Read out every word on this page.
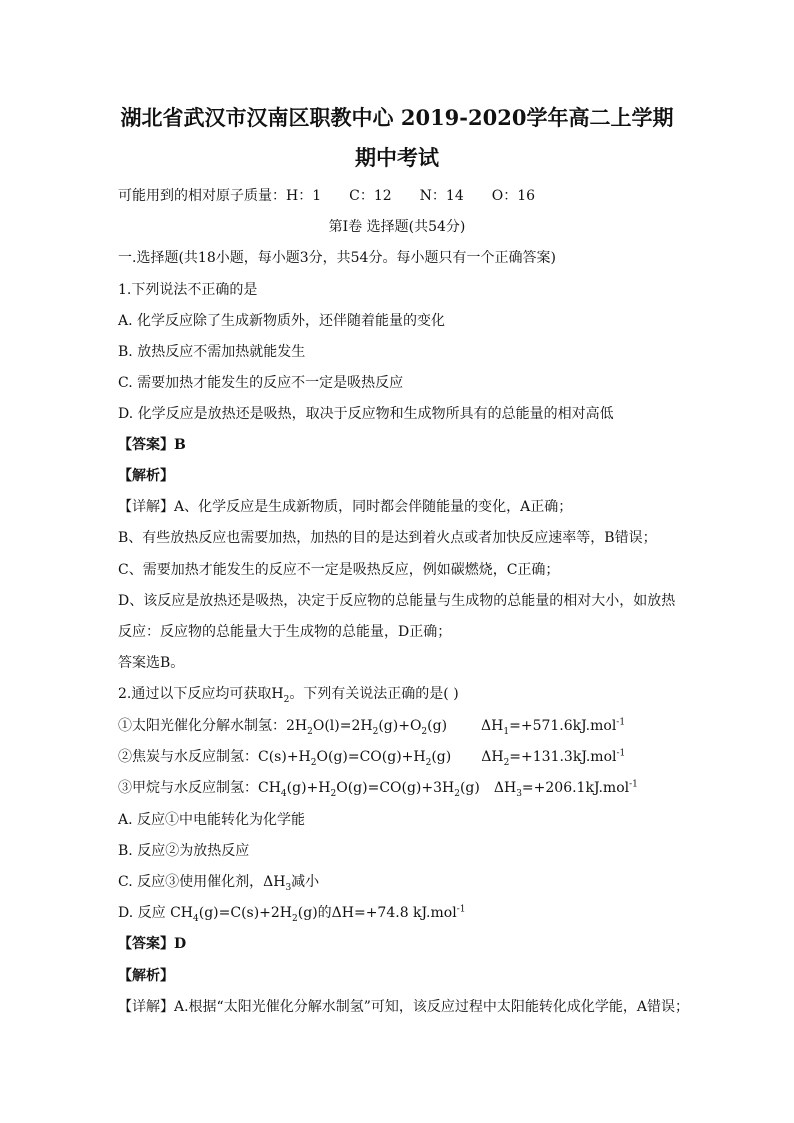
湖北省武汉市汉南区职教中心 2019-2020学年高二上学期
期中考试
可能用到的相对原子质量：H：1 C：12 N：14 O：16
第Ⅰ卷 选择题(共54分)
一.选择题(共18小题，每小题3分，共54分。每小题只有一个正确答案)
1.下列说法不正确的是
A. 化学反应除了生成新物质外，还伴随着能量的变化
B. 放热反应不需加热就能发生
C. 需要加热才能发生的反应不一定是吸热反应
D. 化学反应是放热还是吸热，取决于反应物和生成物所具有的总能量的相对高低
【答案】B
【解析】
【详解】A、化学反应是生成新物质，同时都会伴随能量的变化，A正确；
B、有些放热反应也需要加热，加热的目的是达到着火点或者加快反应速率等，B错误；
C、需要加热才能发生的反应不一定是吸热反应，例如碳燃烧，C正确；
D、该反应是放热还是吸热，决定于反应物的总能量与生成物的总能量的相对大小，如放热
反应：反应物的总能量大于生成物的总能量，D正确；
答案选B。
2.通过以下反应均可获取$H_2$。下列有关说法正确的是( )
①太阳光催化分解水制氢：$2H_2O(l)=2H_2(g)+O_2(g)$ $\Delta H_1=+571.6kJ.mol^{-1}$
②焦炭与水反应制氢：$C(s)+H_2O(g)=CO(g)+H_2(g)$ $\Delta H_2=+131.3kJ.mol^{-1}$
③甲烷与水反应制氢：$CH_4(g)+H_2O(g)=CO(g)+3H_2(g)$ $\Delta H_3=+206.1kJ.mol^{-1}$
A. 反应①中电能转化为化学能
B. 反应②为放热反应
C. 反应③使用催化剂，$\Delta H_3$减小
D. 反应 $CH_4(g)=C(s)+2H_2(g)$的ΔH=+74.8 kJ.mol$^{-1}$
【答案】D
【解析】
【详解】A.根据“太阳光催化分解水制氢”可知，该反应过程中太阳能转化成化学能，A错误；
